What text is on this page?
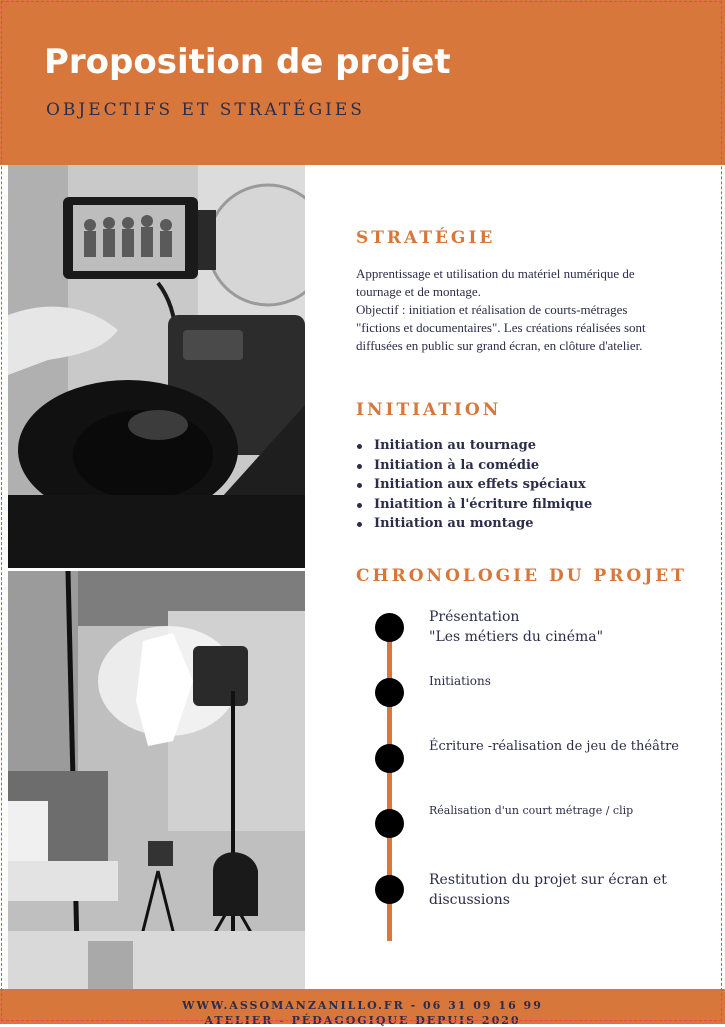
Proposition de projet

OBJECTIFS ET STRATÉGIES

STRATÉGIE
Apprentissage et utilisation du matériel numérique de
tournage et de montage.
Objectif : initiation et réalisation de courts-métrages
"fictions et documentaires". Les créations réalisées sont
diffusées en public sur grand écran, en clôture d'atelier.
INITIATION
Initiation au tournage
Initiation à la comédie
Initiation aux effets spéciaux
Iniatition à l'écriture filmique
Initiation au montage
CHRONOLOGIE DU PROJET
Présentation
"Les métiers du cinéma"
Initiations
Écriture -réalisation de jeu de théâtre
Réalisation d'un court métrage / clip
Restitution du projet sur écran et
discussions

WWW.ASSOMANZANILLO.FR - 06 31 09 16 99

ATELIER - PÉDAGOGIQUE DEPUIS 2020
